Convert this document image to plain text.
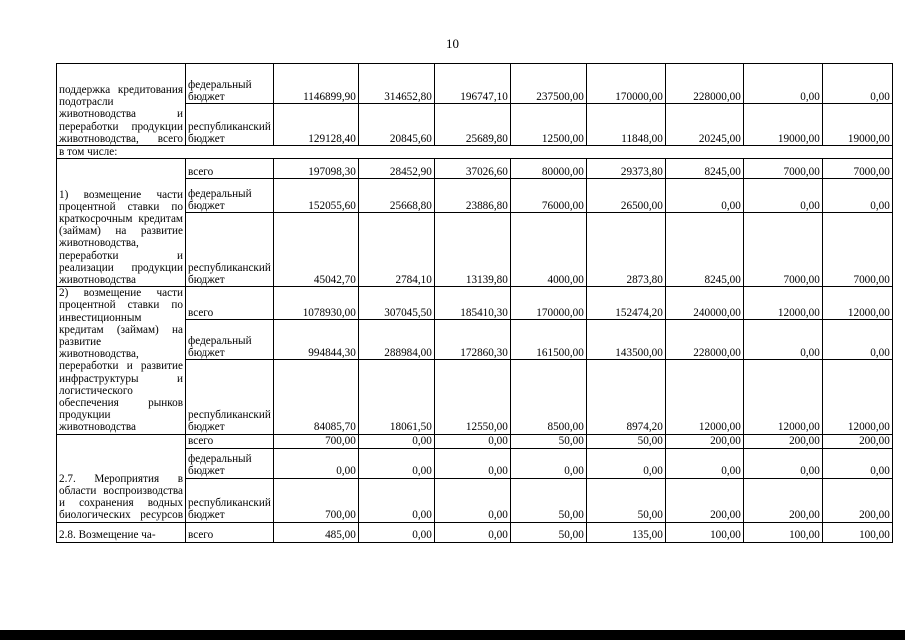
10
поддержка кредитования подотрасли животноводства и переработки продукции животноводства, всего	федеральный бюджет	1146899,90	314652,80	196747,10	237500,00	170000,00	228000,00	0,00	0,00
	республиканский бюджет	129128,40	20845,60	25689,80	12500,00	11848,00	20245,00	19000,00	19000,00
в том числе:									
1) возмещение части процентной ставки по краткосрочным кредитам (займам) на развитие животноводства, переработки и реализации продукции животноводства	всего	197098,30	28452,90	37026,60	80000,00	29373,80	8245,00	7000,00	7000,00
	федеральный бюджет	152055,60	25668,80	23886,80	76000,00	26500,00	0,00	0,00	0,00
	республиканский бюджет	45042,70	2784,10	13139,80	4000,00	2873,80	8245,00	7000,00	7000,00
2) возмещение части процентной ставки по инвестиционным кредитам (займам) на развитие животноводства, переработки и развитие инфраструктуры и логистического обеспечения рынков продукции животноводства	всего	1078930,00	307045,50	185410,30	170000,00	152474,20	240000,00	12000,00	12000,00
	федеральный бюджет	994844,30	288984,00	172860,30	161500,00	143500,00	228000,00	0,00	0,00
	республиканский бюджет	84085,70	18061,50	12550,00	8500,00	8974,20	12000,00	12000,00	12000,00
2.7. Мероприятия в области воспроизводства и сохранения водных биологических ресурсов	всего	700,00	0,00	0,00	50,00	50,00	200,00	200,00	200,00
	федеральный бюджет	0,00	0,00	0,00	0,00	0,00	0,00	0,00	0,00
	республиканский бюджет	700,00	0,00	0,00	50,00	50,00	200,00	200,00	200,00
2.8. Возмещение ча-	всего	485,00	0,00	0,00	50,00	135,00	100,00	100,00	100,00
